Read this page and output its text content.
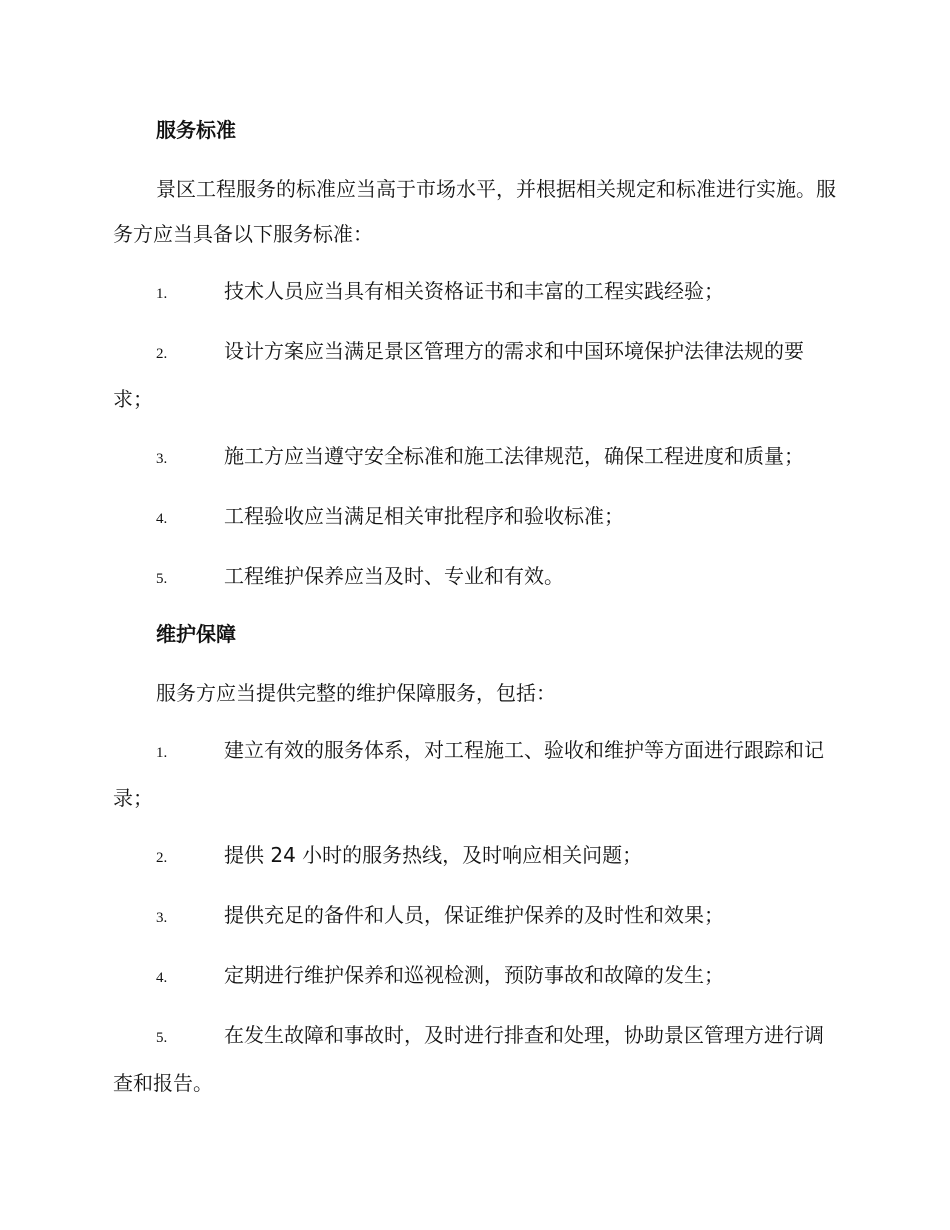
服务标准

景区工程服务的标准应当高于市场水平，并根据相关规定和标准进行实施。服务方应当具备以下服务标准：

1.	技术人员应当具有相关资格证书和丰富的工程实践经验；

2.	设计方案应当满足景区管理方的需求和中国环境保护法律法规的要求；

3.	施工方应当遵守安全标准和施工法律规范，确保工程进度和质量；

4.	工程验收应当满足相关审批程序和验收标准；

5.	工程维护保养应当及时、专业和有效。

维护保障

服务方应当提供完整的维护保障服务，包括：

1.	建立有效的服务体系，对工程施工、验收和维护等方面进行跟踪和记录；

2.	提供 24 小时的服务热线，及时响应相关问题；

3.	提供充足的备件和人员，保证维护保养的及时性和效果；

4.	定期进行维护保养和巡视检测，预防事故和故障的发生；

5.	在发生故障和事故时，及时进行排查和处理，协助景区管理方进行调查和报告。
